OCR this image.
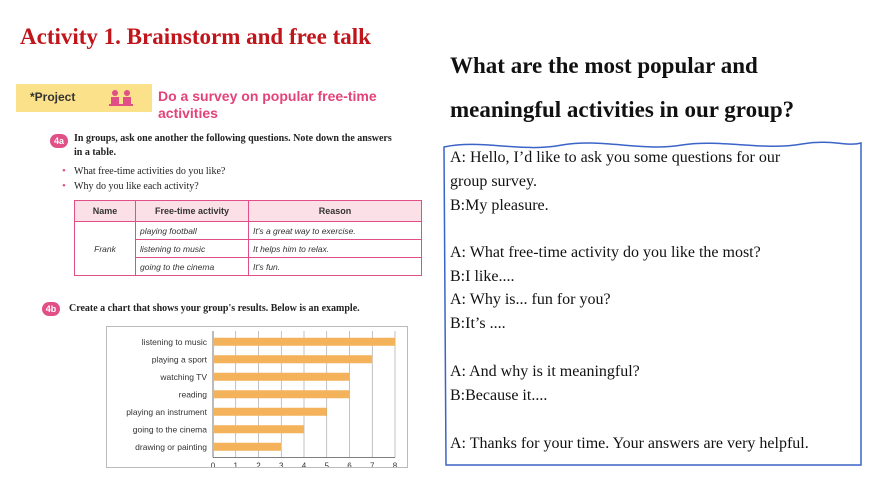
Activity 1. Brainstorm and free talk
*Project	Do a survey on popular free-time
activities
4a	In groups, ask one another the following questions. Note down the answers
in a table.
• What free-time activities do you like?
• Why do you like each activity?
Name	Free-time activity	Reason
Frank	playing football	It's a great way to exercise.
	listening to music	It helps him to relax.
	going to the cinema	It's fun.
4b	Create a chart that shows your group's results. Below is an example.
listening to music
playing a sport
watching TV
reading
playing an instrument
going to the cinema
drawing or painting
0 1 2 3 4 5 6 7 8
What are the most popular and
meaningful activities in our group?
A: Hello, I’d like to ask you some questions for our
group survey.
B:My pleasure.
A: What free-time activity do you like the most?
B:I like....
A: Why is... fun for you?
B:It’s ....
A: And why is it meaningful?
B:Because it....
A: Thanks for your time. Your answers are very helpful.
